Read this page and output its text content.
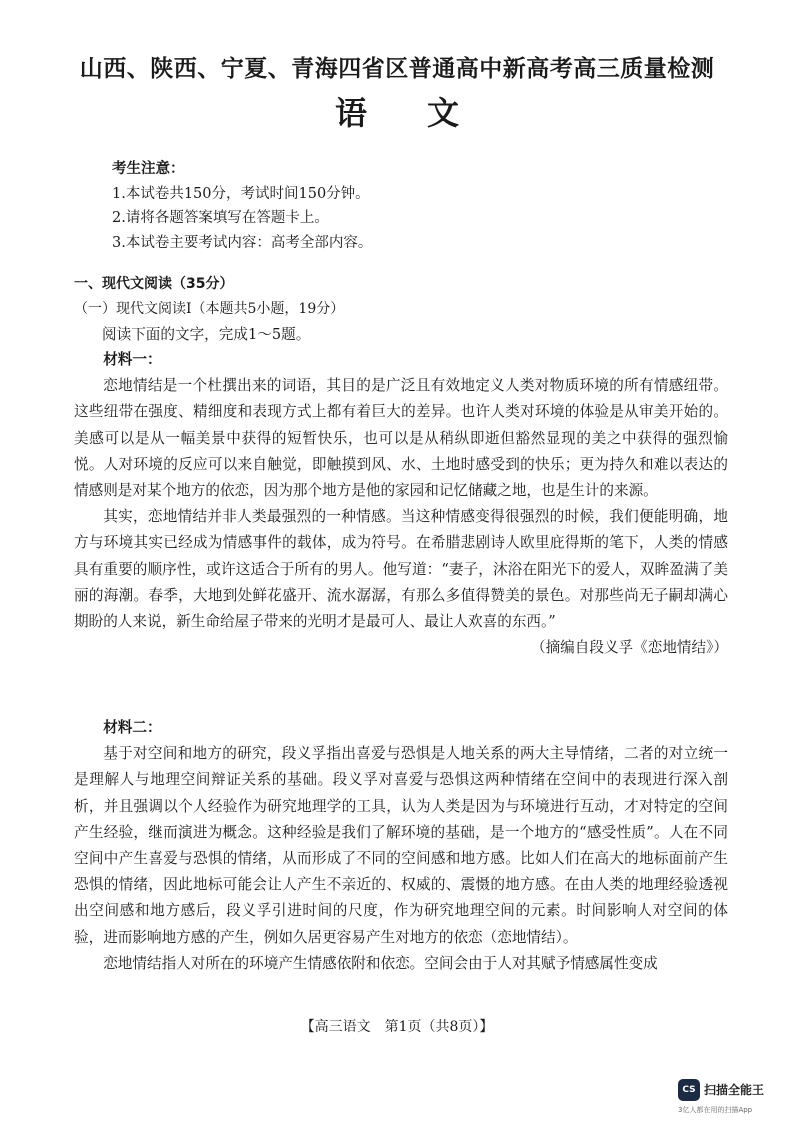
山西、陕西、宁夏、青海四省区普通高中新高考高三质量检测
语 文
考生注意：
1.本试卷共150分，考试时间150分钟。
2.请将各题答案填写在答题卡上。
3.本试卷主要考试内容：高考全部内容。
一、现代文阅读（35分）
（一）现代文阅读Ⅰ（本题共5小题，19分）
阅读下面的文字，完成1～5题。

材料一：

恋地情结是一个杜撰出来的词语，其目的是广泛且有效地定义人类对物质环境的所有情感纽带。这些纽带在强度、精细度和表现方式上都有着巨大的差异。也许人类对环境的体验是从审美开始的。美感可以是从一幅美景中获得的短暂快乐，也可以是从稍纵即逝但豁然显现的美之中获得的强烈愉悦。人对环境的反应可以来自触觉，即触摸到风、水、土地时感受到的快乐；更为持久和难以表达的情感则是对某个地方的依恋，因为那个地方是他的家园和记忆储藏之地，也是生计的来源。

其实，恋地情结并非人类最强烈的一种情感。当这种情感变得很强烈的时候，我们便能明确，地方与环境其实已经成为情感事件的载体，成为符号。在希腊悲剧诗人欧里庇得斯的笔下，人类的情感具有重要的顺序性，或许这适合于所有的男人。他写道：“妻子，沐浴在阳光下的爱人，双眸盈满了美丽的海潮。春季，大地到处鲜花盛开、流水潺潺，有那么多值得赞美的景色。对那些尚无子嗣却满心期盼的人来说，新生命给屋子带来的光明才是最可人、最让人欢喜的东西。”

（摘编自段义孚《恋地情结》）

材料二：

基于对空间和地方的研究，段义孚指出喜爱与恐惧是人地关系的两大主导情绪，二者的对立统一是理解人与地理空间辩证关系的基础。段义孚对喜爱与恐惧这两种情绪在空间中的表现进行深入剖析，并且强调以个人经验作为研究地理学的工具，认为人类是因为与环境进行互动，才对特定的空间产生经验，继而演进为概念。这种经验是我们了解环境的基础，是一个地方的“感受性质”。人在不同空间中产生喜爱与恐惧的情绪，从而形成了不同的空间感和地方感。比如人们在高大的地标面前产生恐惧的情绪，因此地标可能会让人产生不亲近的、权威的、震慑的地方感。在由人类的地理经验透视出空间感和地方感后，段义孚引进时间的尺度，作为研究地理空间的元素。时间影响人对空间的体验，进而影响地方感的产生，例如久居更容易产生对地方的依恋（恋地情结）。

恋地情结指人对所在的环境产生情感依附和依恋。空间会由于人对其赋予情感属性变成

【高三语文　第1页（共8页）】
CS 扫描全能王
3亿人都在用的扫描App
